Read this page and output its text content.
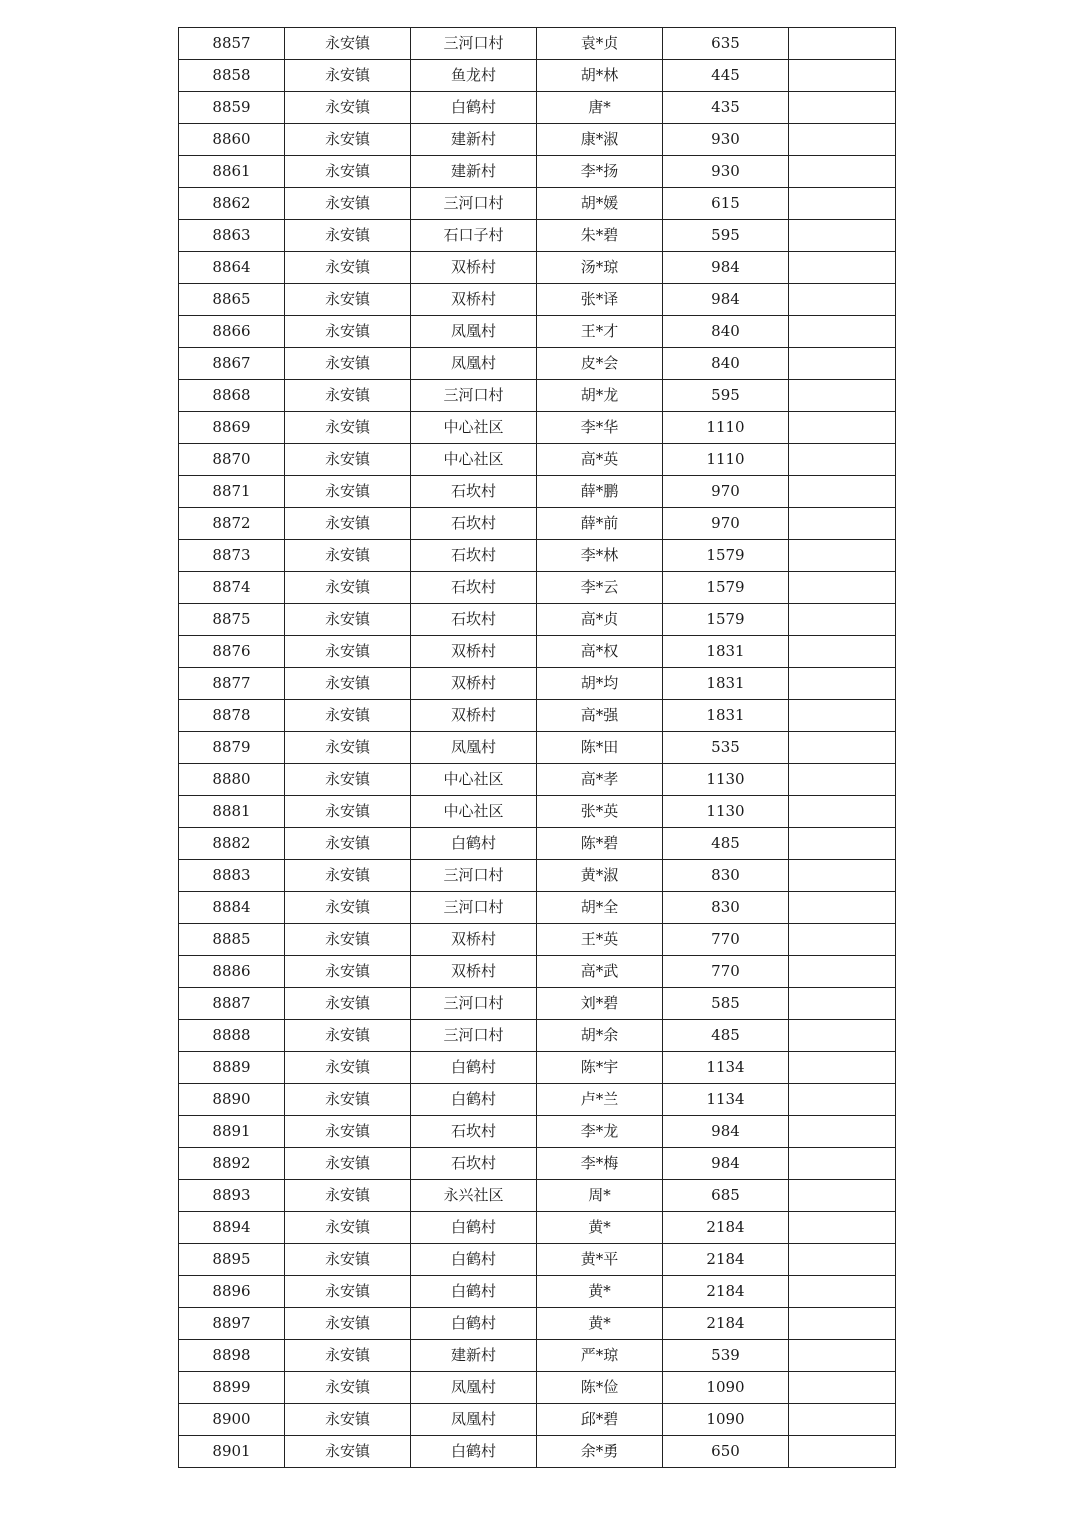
8857	永安镇	三河口村	袁*贞	635	
8858	永安镇	鱼龙村	胡*林	445	
8859	永安镇	白鹤村	唐*	435	
8860	永安镇	建新村	康*淑	930	
8861	永安镇	建新村	李*扬	930	
8862	永安镇	三河口村	胡*媛	615	
8863	永安镇	石口子村	朱*碧	595	
8864	永安镇	双桥村	汤*琼	984	
8865	永安镇	双桥村	张*译	984	
8866	永安镇	凤凰村	王*才	840	
8867	永安镇	凤凰村	皮*会	840	
8868	永安镇	三河口村	胡*龙	595	
8869	永安镇	中心社区	李*华	1110	
8870	永安镇	中心社区	高*英	1110	
8871	永安镇	石坎村	薛*鹏	970	
8872	永安镇	石坎村	薛*前	970	
8873	永安镇	石坎村	李*林	1579	
8874	永安镇	石坎村	李*云	1579	
8875	永安镇	石坎村	高*贞	1579	
8876	永安镇	双桥村	高*权	1831	
8877	永安镇	双桥村	胡*均	1831	
8878	永安镇	双桥村	高*强	1831	
8879	永安镇	凤凰村	陈*田	535	
8880	永安镇	中心社区	高*孝	1130	
8881	永安镇	中心社区	张*英	1130	
8882	永安镇	白鹤村	陈*碧	485	
8883	永安镇	三河口村	黄*淑	830	
8884	永安镇	三河口村	胡*全	830	
8885	永安镇	双桥村	王*英	770	
8886	永安镇	双桥村	高*武	770	
8887	永安镇	三河口村	刘*碧	585	
8888	永安镇	三河口村	胡*余	485	
8889	永安镇	白鹤村	陈*宇	1134	
8890	永安镇	白鹤村	卢*兰	1134	
8891	永安镇	石坎村	李*龙	984	
8892	永安镇	石坎村	李*梅	984	
8893	永安镇	永兴社区	周*	685	
8894	永安镇	白鹤村	黄*	2184	
8895	永安镇	白鹤村	黄*平	2184	
8896	永安镇	白鹤村	黄*	2184	
8897	永安镇	白鹤村	黄*	2184	
8898	永安镇	建新村	严*琼	539	
8899	永安镇	凤凰村	陈*俭	1090	
8900	永安镇	凤凰村	邱*碧	1090	
8901	永安镇	白鹤村	余*勇	650	
